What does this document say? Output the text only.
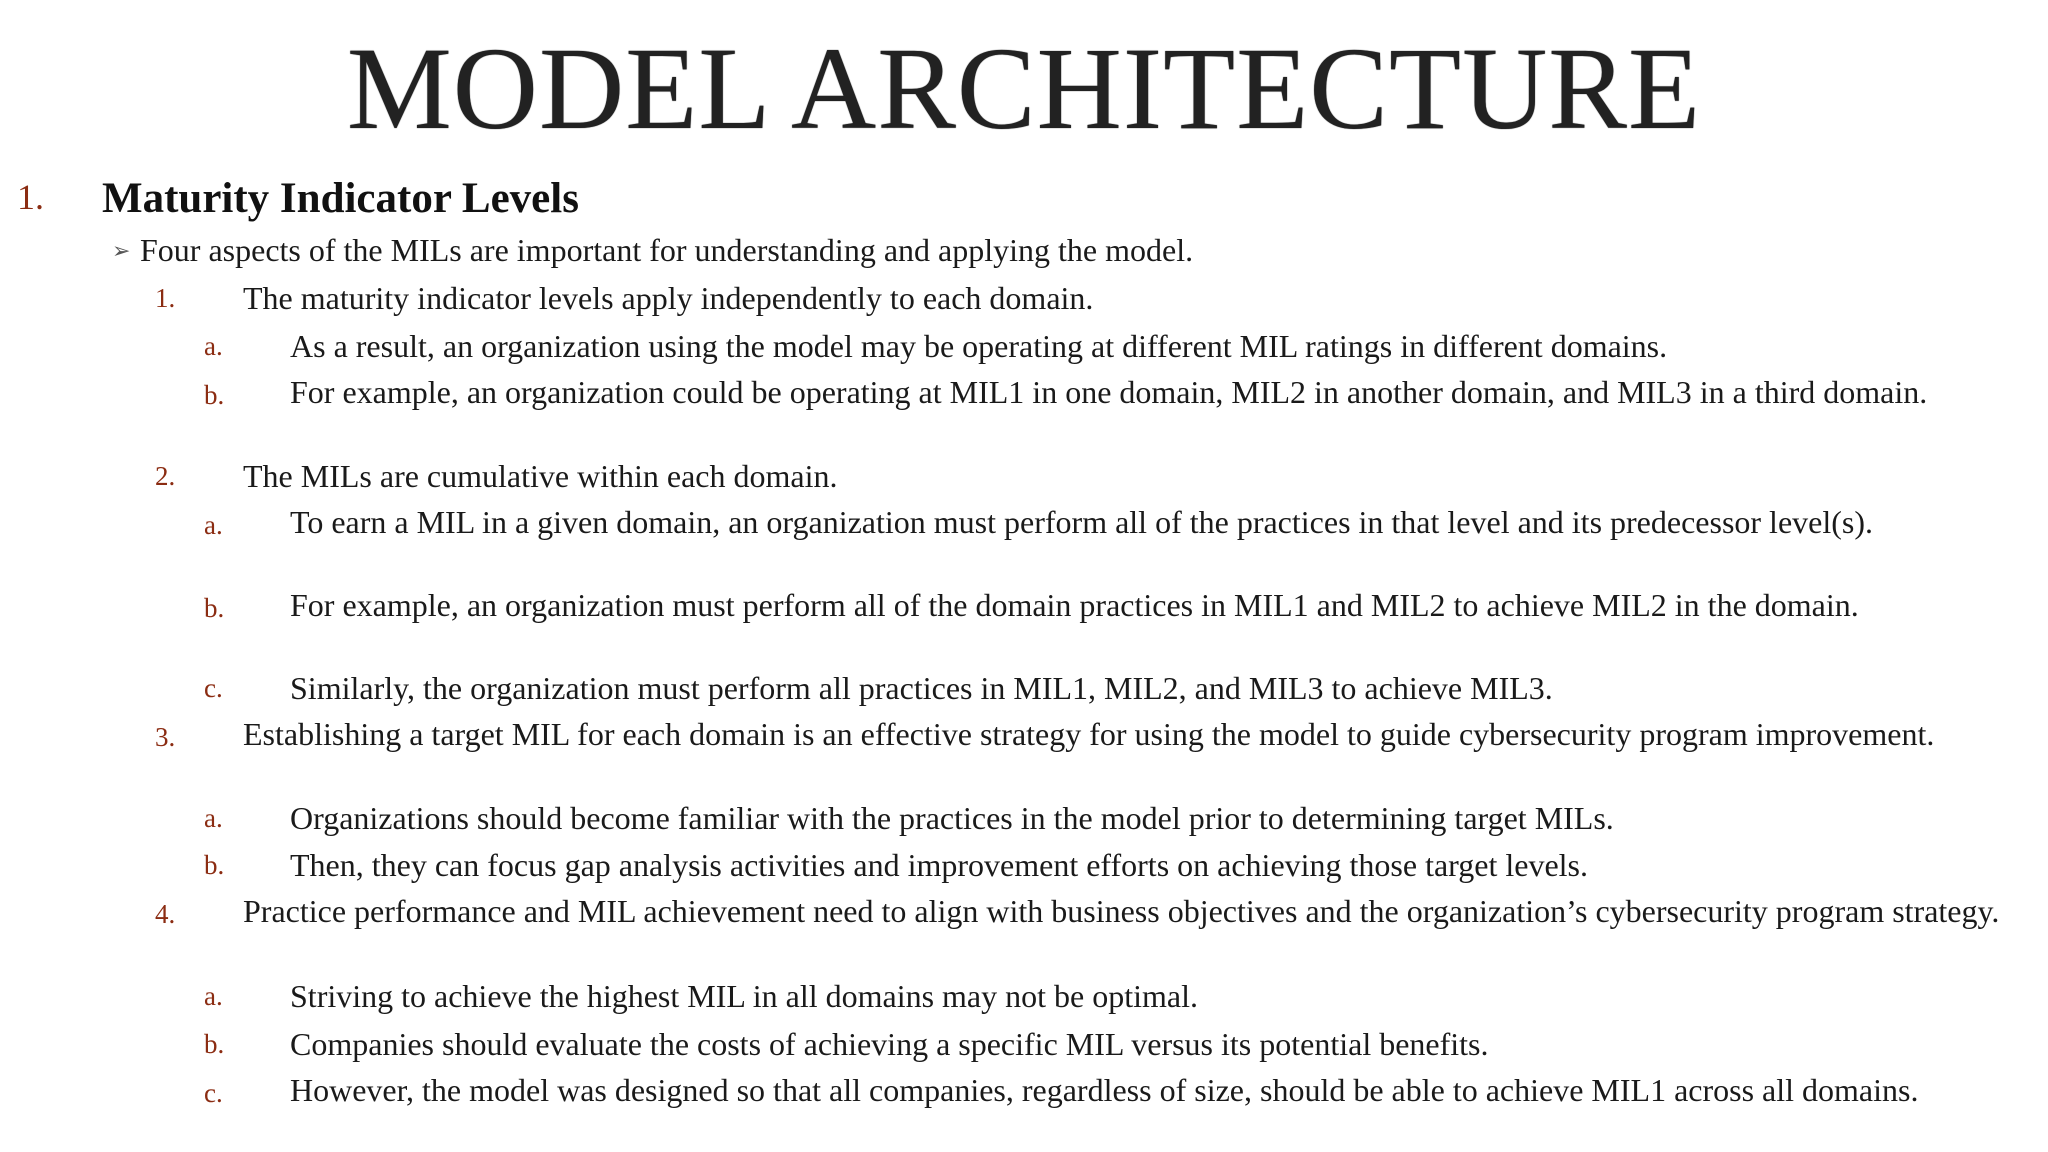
MODEL ARCHITECTURE
1. Maturity Indicator Levels
➢ Four aspects of the MILs are important for understanding and applying the model.
1. The maturity indicator levels apply independently to each domain.
a. As a result, an organization using the model may be operating at different MIL ratings in different domains.
b. For example, an organization could be operating at MIL1 in one domain, MIL2 in another domain, and MIL3 in a third domain.
2. The MILs are cumulative within each domain.
a. To earn a MIL in a given domain, an organization must perform all of the practices in that level and its predecessor level(s).
b. For example, an organization must perform all of the domain practices in MIL1 and MIL2 to achieve MIL2 in the domain.
c. Similarly, the organization must perform all practices in MIL1, MIL2, and MIL3 to achieve MIL3.
3. Establishing a target MIL for each domain is an effective strategy for using the model to guide cybersecurity program improvement.
a. Organizations should become familiar with the practices in the model prior to determining target MILs.
b. Then, they can focus gap analysis activities and improvement efforts on achieving those target levels.
4. Practice performance and MIL achievement need to align with business objectives and the organization’s cybersecurity program strategy.
a. Striving to achieve the highest MIL in all domains may not be optimal.
b. Companies should evaluate the costs of achieving a specific MIL versus its potential benefits.
c. However, the model was designed so that all companies, regardless of size, should be able to achieve MIL1 across all domains.
